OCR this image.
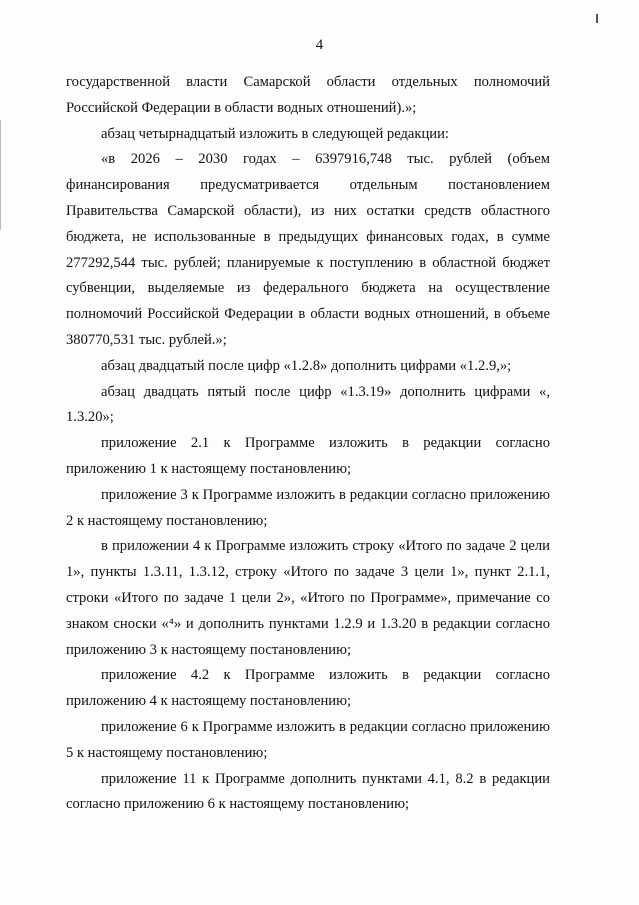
4

государственной власти Самарской области отдельных полномочий Российской Федерации в области водных отношений).»;

абзац четырнадцатый изложить в следующей редакции:

«в 2026 – 2030 годах – 6397916,748 тыс. рублей (объем финансирования предусматривается отдельным постановлением Правительства Самарской области), из них остатки средств областного бюджета, не использованные в предыдущих финансовых годах, в сумме 277292,544 тыс. рублей; планируемые к поступлению в областной бюджет субвенции, выделяемые из федерального бюджета на осуществление полномочий Российской Федерации в области водных отношений, в объеме 380770,531 тыс. рублей.»;

абзац двадцатый после цифр «1.2.8» дополнить цифрами «1.2.9,»;

абзац двадцать пятый после цифр «1.3.19» дополнить цифрами «, 1.3.20»;

приложение 2.1 к Программе изложить в редакции согласно приложению 1 к настоящему постановлению;

приложение 3 к Программе изложить в редакции согласно приложению 2 к настоящему постановлению;

в приложении 4 к Программе изложить строку «Итого по задаче 2 цели 1», пункты 1.3.11, 1.3.12, строку «Итого по задаче 3 цели 1», пункт 2.1.1, строки «Итого по задаче 1 цели 2», «Итого по Программе», примечание со знаком сноски «⁴» и дополнить пунктами 1.2.9 и 1.3.20 в редакции согласно приложению 3 к настоящему постановлению;

приложение 4.2 к Программе изложить в редакции согласно приложению 4 к настоящему постановлению;

приложение 6 к Программе изложить в редакции согласно приложению 5 к настоящему постановлению;

приложение 11 к Программе дополнить пунктами 4.1, 8.2 в редакции согласно приложению 6 к настоящему постановлению;
